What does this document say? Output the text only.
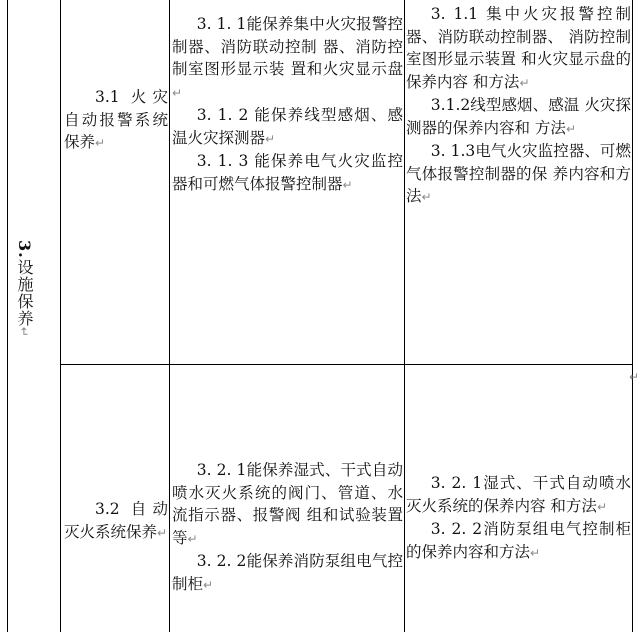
3.设施保养↵

3.1 火灾自动报警系统保养↵

3. 1. 1能保养集中火灾报警控制器、消防联动控制 器、消防控制室图形显示装 置和火灾显示盘↵

3. 1. 2 能保养线型感烟、感温火灾探测器↵

3. 1. 3 能保养电气火灾监控器和可燃气体报警控制器↵

3. 1.1 集中火灾报警控制器、消防联动控制器、 消防控制室图形显示装置 和火灾显示盘的保养内容 和方法↵

3.1.2线型感烟、感温 火灾探测器的保养内容和 方法↵

3. 1.3电气火灾监控器、可燃气体报警控制器的保 养内容和方法↵

3.2 自动灭火系统保养↵

3. 2. 1能保养湿式、干式自动喷水灭火系统的阀门、管道、水流指示器、报警阀 组和试验装置等↵

3. 2. 2能保养消防泵组电气控制柜↵

3. 2. 1湿式、干式自动喷水灭火系统的保养内容 和方法↵

3. 2. 2消防泵组电气控制柜的保养内容和方法↵

↵
